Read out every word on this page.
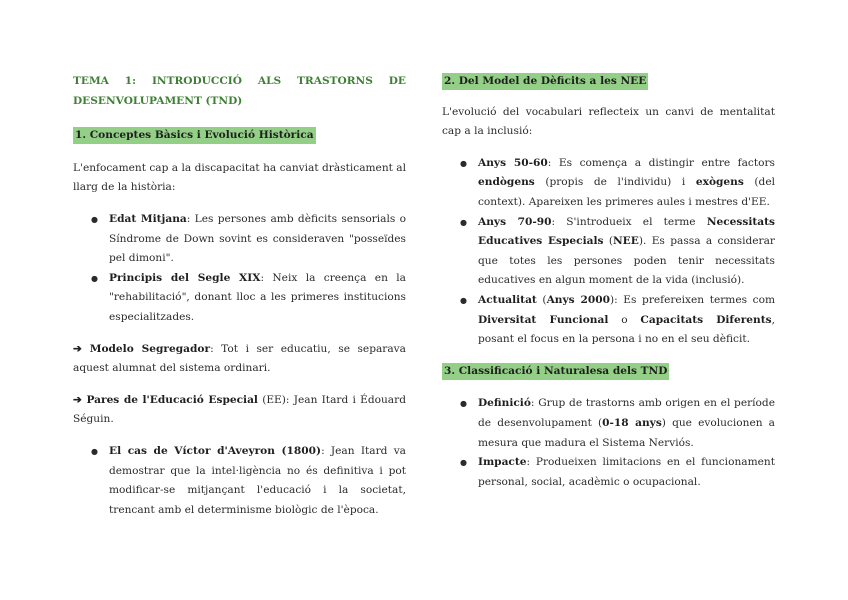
TEMA 1: INTRODUCCIÓ ALS TRASTORNS DE
DESENVOLUPAMENT (TND)
1. Conceptes Bàsics i Evolució Històrica

L'enfocament cap a la discapacitat ha canviat dràsticament al llarg de la història:

● Edat Mitjana: Les persones amb dèficits sensorials o Síndrome de Down sovint es consideraven "posseïdes pel dimoni".
● Principis del Segle XIX: Neix la creença en la "rehabilitació", donant lloc a les primeres institucions especialitzades.

➔ Modelo Segregador: Tot i ser educatiu, se separava aquest alumnat del sistema ordinari.

➔ Pares de l'Educació Especial (EE): Jean Itard i Édouard Séguin.

● El cas de Víctor d'Aveyron (1800): Jean Itard va demostrar que la intel·ligència no és definitiva i pot modificar-se mitjançant l'educació i la societat, trencant amb el determinisme biològic de l'època.
2. Del Model de Dèficits a les NEE

L'evolució del vocabulari reflecteix un canvi de mentalitat cap a la inclusió:

● Anys 50-60: Es comença a distingir entre factors endògens (propis de l'individu) i exògens (del context). Apareixen les primeres aules i mestres d'EE.
● Anys 70-90: S'introdueix el terme Necessitats Educatives Especials (NEE). Es passa a considerar que totes les persones poden tenir necessitats educatives en algun moment de la vida (inclusió).
● Actualitat (Anys 2000): Es prefereixen termes com Diversitat Funcional o Capacitats Diferents, posant el focus en la persona i no en el seu dèficit.
3. Classificació i Naturalesa dels TND
● Definició: Grup de trastorns amb origen en el període de desenvolupament (0-18 anys) que evolucionen a mesura que madura el Sistema Nerviós.
● Impacte: Produeixen limitacions en el funcionament personal, social, acadèmic o ocupacional.
